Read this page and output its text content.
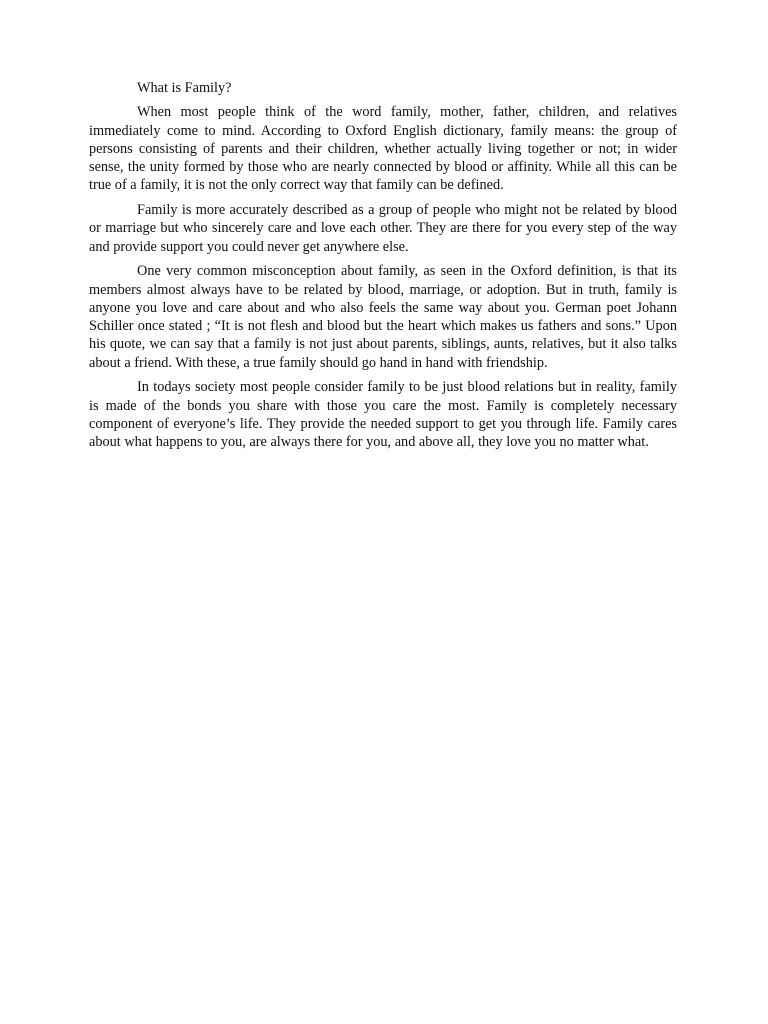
What is Family?

When most people think of the word family, mother, father, children, and relatives immediately come to mind. According to Oxford English dictionary, family means: the group of persons consisting of parents and their children, whether actually living together or not; in wider sense, the unity formed by those who are nearly connected by blood or affinity. While all this can be true of a family, it is not the only correct way that family can be defined.

Family is more accurately described as a group of people who might not be related by blood or marriage but who sincerely care and love each other. They are there for you every step of the way and provide support you could never get anywhere else.

One very common misconception about family, as seen in the Oxford definition, is that its members almost always have to be related by blood, marriage, or adoption. But in truth, family is anyone you love and care about and who also feels the same way about you. German poet Johann Schiller once stated ; “It is not flesh and blood but the heart which makes us fathers and sons.” Upon his quote, we can say that a family is not just about parents, siblings, aunts, relatives, but it also talks about a friend. With these, a true family should go hand in hand with friendship.

In todays society most people consider family to be just blood relations but in reality, family is made of the bonds you share with those you care the most. Family is completely necessary component of everyone’s life. They provide the needed support to get you through life. Family cares about what happens to you, are always there for you, and above all, they love you no matter what.
